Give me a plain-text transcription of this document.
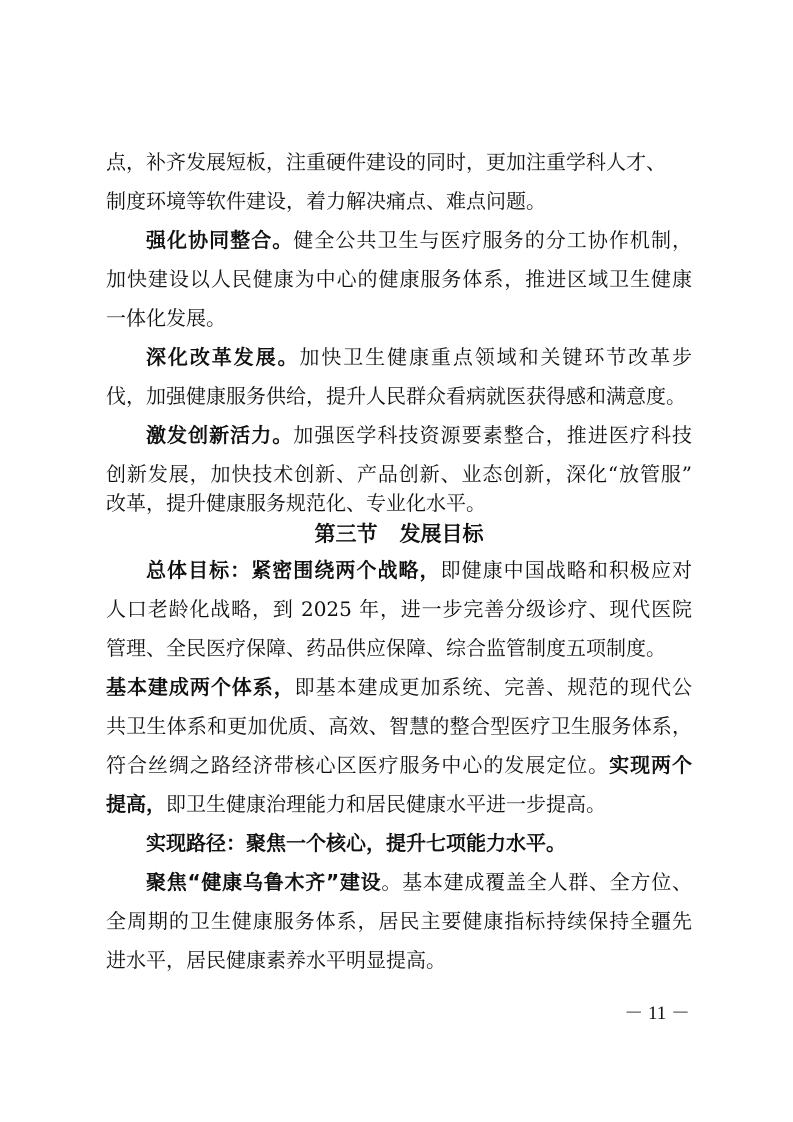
点，补齐发展短板，注重硬件建设的同时，更加注重学科人才、
制度环境等软件建设，着力解决痛点、难点问题。
强化协同整合。健全公共卫生与医疗服务的分工协作机制，
加快建设以人民健康为中心的健康服务体系，推进区域卫生健康
一体化发展。
深化改革发展。加快卫生健康重点领域和关键环节改革步
伐，加强健康服务供给，提升人民群众看病就医获得感和满意度。
激发创新活力。加强医学科技资源要素整合，推进医疗科技
创新发展，加快技术创新、产品创新、业态创新，深化“放管服”
改革，提升健康服务规范化、专业化水平。
第三节   发展目标
总体目标：紧密围绕两个战略，即健康中国战略和积极应对
人口老龄化战略，到 2025 年，进一步完善分级诊疗、现代医院
管理、全民医疗保障、药品供应保障、综合监管制度五项制度。
基本建成两个体系，即基本建成更加系统、完善、规范的现代公
共卫生体系和更加优质、高效、智慧的整合型医疗卫生服务体系，
符合丝绸之路经济带核心区医疗服务中心的发展定位。实现两个
提高，即卫生健康治理能力和居民健康水平进一步提高。
实现路径：聚焦一个核心，提升七项能力水平。
聚焦“健康乌鲁木齐”建设。基本建成覆盖全人群、全方位、
全周期的卫生健康服务体系，居民主要健康指标持续保持全疆先
进水平，居民健康素养水平明显提高。
－ 11 －
